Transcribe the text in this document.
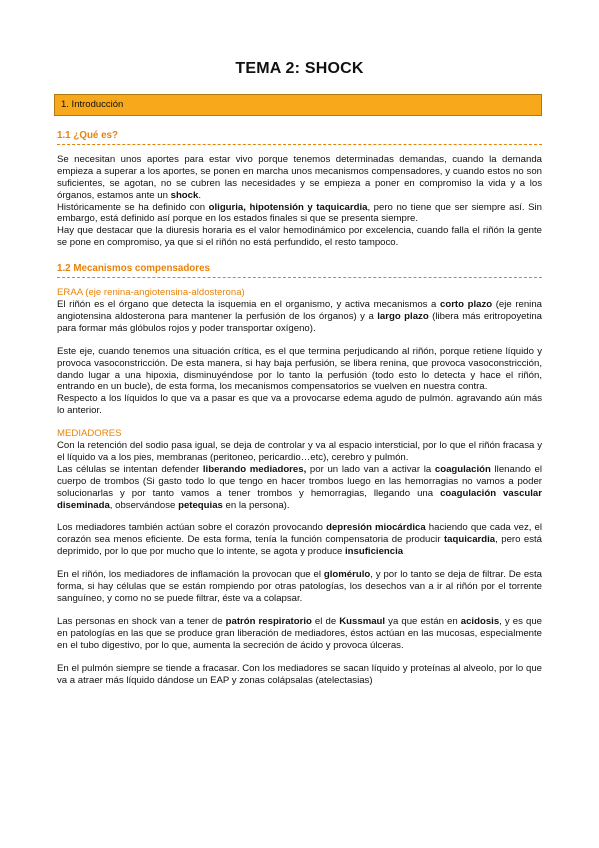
TEMA 2: SHOCK
1. Introducción
1.1 ¿Qué es?

Se necesitan unos aportes para estar vivo porque tenemos determinadas demandas, cuando la demanda empieza a superar a los aportes, se ponen en marcha unos mecanismos compensadores, y cuando estos no son suficientes, se agotan, no se cubren las necesidades y se empieza a poner en compromiso la vida y a los órganos, estamos ante un shock.

Históricamente se ha definido con oliguria, hipotensión y taquicardia, pero no tiene que ser siempre así. Sin embargo, está definido así porque en los estados finales si que se presenta siempre.

Hay que destacar que la diuresis horaria es el valor hemodinámico por excelencia, cuando falla el riñón la gente se pone en compromiso, ya que si el riñón no está perfundido, el resto tampoco.

1.2 Mecanismos compensadores
ERAA (eje renina-angiotensina-aldosterona)

El riñón es el órgano que detecta la isquemia en el organismo, y activa mecanismos a corto plazo (eje renina angiotensina aldosterona para mantener la perfusión de los órganos) y a largo plazo (libera más eritropoyetina para formar más glóbulos rojos y poder transportar oxígeno).

Este eje, cuando tenemos una situación crítica, es el que termina perjudicando al riñón, porque retiene líquido y provoca vasoconstricción. De esta manera, si hay baja perfusión, se libera renina, que provoca vasoconstricción, dando lugar a una hipoxia, disminuyéndose por lo tanto la perfusión (todo esto lo detecta y hace el riñón, entrando en un bucle), de esta forma, los mecanismos compensatorios se vuelven en nuestra contra.

Respecto a los líquidos lo que va a pasar es que va a provocarse edema agudo de pulmón. agravando aún más lo anterior.

MEDIADORES

Con la retención del sodio pasa igual, se deja de controlar y va al espacio intersticial, por lo que el riñón fracasa y el líquido va a los pies, membranas (peritoneo, pericardio…etc), cerebro y pulmón.

Las células se intentan defender liberando mediadores, por un lado van a activar la coagulación llenando el cuerpo de trombos (Si gasto todo lo que tengo en hacer trombos luego en las hemorragias no vamos a poder solucionarlas y por tanto vamos a tener trombos y hemorragias, llegando una coagulación vascular diseminada, observándose petequias en la persona).

Los mediadores también actúan sobre el corazón provocando depresión miocárdica haciendo que cada vez, el corazón sea menos eficiente. De esta forma, tenía la función compensatoria de producir taquicardia, pero está deprimido, por lo que por mucho que lo intente, se agota y produce insuficiencia

En el riñón, los mediadores de inflamación la provocan que el glomérulo, y por lo tanto se deja de filtrar. De esta forma, si hay células que se están rompiendo por otras patologías, los desechos van a ir al riñón por el torrente sanguíneo, y como no se puede filtrar, éste va a colapsar.

Las personas en shock van a tener de patrón respiratorio el de Kussmaul ya que están en acidosis, y es que en patologías en las que se produce gran liberación de mediadores, éstos actúan en las mucosas, especialmente en el tubo digestivo, por lo que, aumenta la secreción de ácido y provoca úlceras.

En el pulmón siempre se tiende a fracasar. Con los mediadores se sacan líquido y proteínas al alveolo, por lo que va a atraer más líquido dándose un EAP y zonas colápsalas (atelectasias)
